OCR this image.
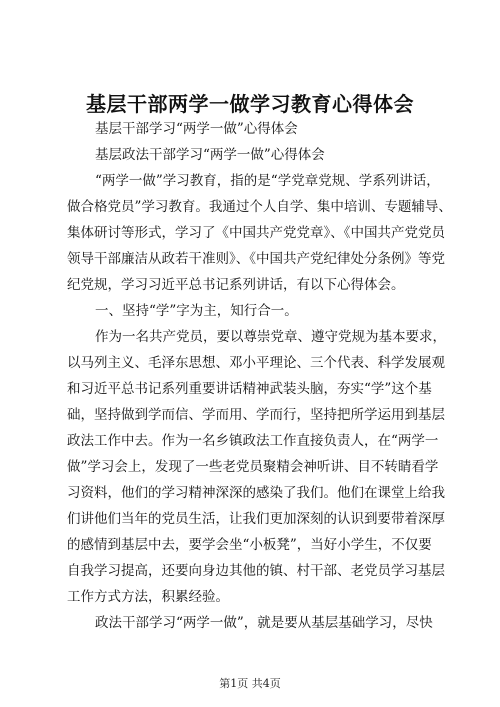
基层干部两学一做学习教育心得体会
基层干部学习“两学一做”心得体会
基层政法干部学习“两学一做”心得体会
“两学一做”学习教育，指的是“学党章党规、学系列讲话，
做合格党员”学习教育。我通过个人自学、集中培训、专题辅导、
集体研讨等形式，学习了《中国共产党党章》、《中国共产党党员
领导干部廉洁从政若干准则》、《中国共产党纪律处分条例》等党
纪党规，学习习近平总书记系列讲话，有以下心得体会。
一、坚持“学”字为主，知行合一。
作为一名共产党员，要以尊崇党章、遵守党规为基本要求，
以马列主义、毛泽东思想、邓小平理论、三个代表、科学发展观
和习近平总书记系列重要讲话精神武装头脑，夯实“学”这个基
础，坚持做到学而信、学而用、学而行，坚持把所学运用到基层
政法工作中去。作为一名乡镇政法工作直接负责人，在“两学一
做”学习会上，发现了一些老党员聚精会神听讲、目不转睛看学
习资料，他们的学习精神深深的感染了我们。他们在课堂上给我
们讲他们当年的党员生活，让我们更加深刻的认识到要带着深厚
的感情到基层中去，要学会坐“小板凳”，当好小学生，不仅要
自我学习提高，还要向身边其他的镇、村干部、老党员学习基层
工作方式方法，积累经验。
政法干部学习“两学一做”，就是要从基层基础学习，尽快
第1页 共4页
